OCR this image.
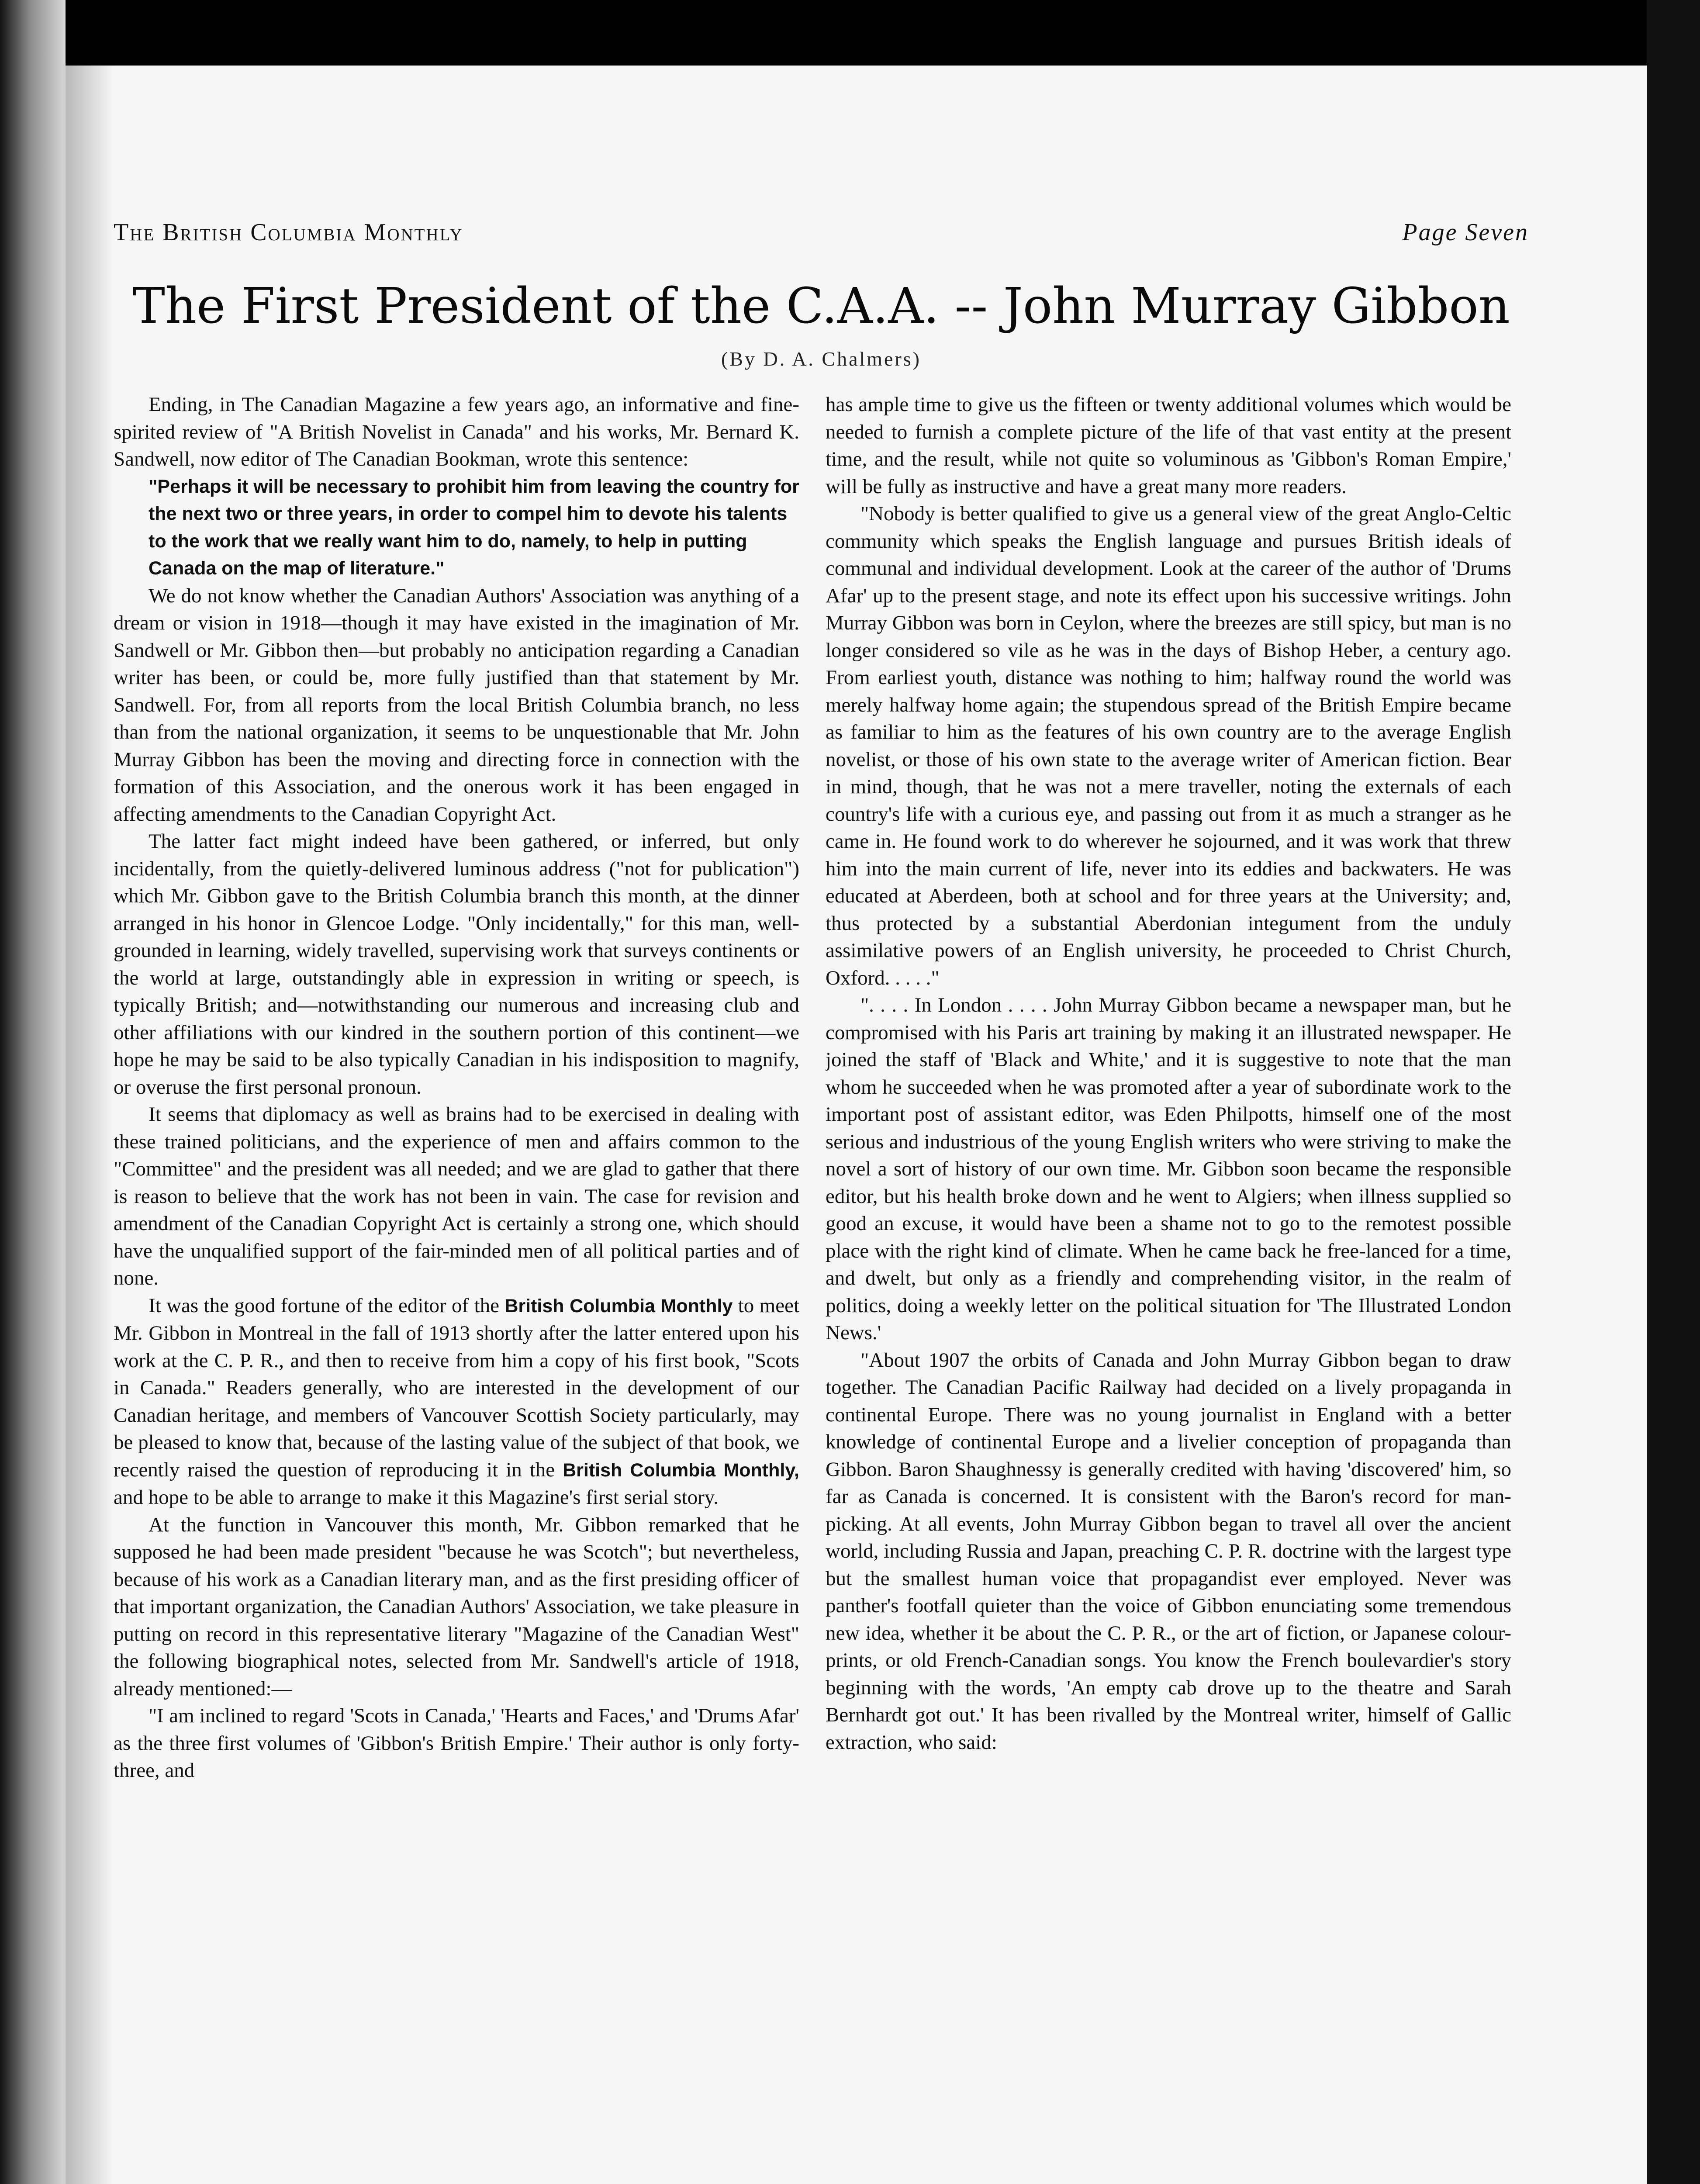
The British Columbia Monthly	Page Seven
The First President of the C.A.A. -- John Murray Gibbon
(By D. A. Chalmers)

Ending, in The Canadian Magazine a few years ago, an informative and fine-spirited review of "A British Novelist in Canada" and his works, Mr. Bernard K. Sandwell, now editor of The Canadian Bookman, wrote this sentence:

"Perhaps it will be necessary to prohibit him from leaving the country for the next two or three years, in order to compel him to devote his talents to the work that we really want him to do, namely, to help in putting Canada on the map of literature."

We do not know whether the Canadian Authors' Association was anything of a dream or vision in 1918—though it may have existed in the imagination of Mr. Sandwell or Mr. Gibbon then—but probably no anticipation regarding a Canadian writer has been, or could be, more fully justified than that statement by Mr. Sandwell. For, from all reports from the local British Columbia branch, no less than from the national organization, it seems to be unquestionable that Mr. John Murray Gibbon has been the moving and directing force in connection with the formation of this Association, and the onerous work it has been engaged in affecting amendments to the Canadian Copyright Act.

The latter fact might indeed have been gathered, or inferred, but only incidentally, from the quietly-delivered luminous address ("not for publication") which Mr. Gibbon gave to the British Columbia branch this month, at the dinner arranged in his honor in Glencoe Lodge. "Only incidentally," for this man, well-grounded in learning, widely travelled, supervising work that surveys continents or the world at large, outstandingly able in expression in writing or speech, is typically British; and—notwithstanding our numerous and increasing club and other affiliations with our kindred in the southern portion of this continent—we hope he may be said to be also typically Canadian in his indisposition to magnify, or overuse the first personal pronoun.

It seems that diplomacy as well as brains had to be exercised in dealing with these trained politicians, and the experience of men and affairs common to the "Committee" and the president was all needed; and we are glad to gather that there is reason to believe that the work has not been in vain. The case for revision and amendment of the Canadian Copyright Act is certainly a strong one, which should have the unqualified support of the fair-minded men of all political parties and of none.

It was the good fortune of the editor of the British Columbia Monthly to meet Mr. Gibbon in Montreal in the fall of 1913 shortly after the latter entered upon his work at the C. P. R., and then to receive from him a copy of his first book, "Scots in Canada." Readers generally, who are interested in the development of our Canadian heritage, and members of Vancouver Scottish Society particularly, may be pleased to know that, because of the lasting value of the subject of that book, we recently raised the question of reproducing it in the British Columbia Monthly, and hope to be able to arrange to make it this Magazine's first serial story.

At the function in Vancouver this month, Mr. Gibbon remarked that he supposed he had been made president "because he was Scotch"; but nevertheless, because of his work as a Canadian literary man, and as the first presiding officer of that important organization, the Canadian Authors' Association, we take pleasure in putting on record in this representative literary "Magazine of the Canadian West" the following biographical notes, selected from Mr. Sandwell's article of 1918, already mentioned:—

"I am inclined to regard 'Scots in Canada,' 'Hearts and Faces,' and 'Drums Afar' as the three first volumes of 'Gibbon's British Empire.' Their author is only forty-three, and

has ample time to give us the fifteen or twenty additional volumes which would be needed to furnish a complete picture of the life of that vast entity at the present time, and the result, while not quite so voluminous as 'Gibbon's Roman Empire,' will be fully as instructive and have a great many more readers.

"Nobody is better qualified to give us a general view of the great Anglo-Celtic community which speaks the English language and pursues British ideals of communal and individual development. Look at the career of the author of 'Drums Afar' up to the present stage, and note its effect upon his successive writings. John Murray Gibbon was born in Ceylon, where the breezes are still spicy, but man is no longer considered so vile as he was in the days of Bishop Heber, a century ago. From earliest youth, distance was nothing to him; halfway round the world was merely halfway home again; the stupendous spread of the British Empire became as familiar to him as the features of his own country are to the average English novelist, or those of his own state to the average writer of American fiction. Bear in mind, though, that he was not a mere traveller, noting the externals of each country's life with a curious eye, and passing out from it as much a stranger as he came in. He found work to do wherever he sojourned, and it was work that threw him into the main current of life, never into its eddies and backwaters. He was educated at Aberdeen, both at school and for three years at the University; and, thus protected by a substantial Aberdonian integument from the unduly assimilative powers of an English university, he proceeded to Christ Church, Oxford. . . . ."

". . . . In London . . . . John Murray Gibbon became a newspaper man, but he compromised with his Paris art training by making it an illustrated newspaper. He joined the staff of 'Black and White,' and it is suggestive to note that the man whom he succeeded when he was promoted after a year of subordinate work to the important post of assistant editor, was Eden Philpotts, himself one of the most serious and industrious of the young English writers who were striving to make the novel a sort of history of our own time. Mr. Gibbon soon became the responsible editor, but his health broke down and he went to Algiers; when illness supplied so good an excuse, it would have been a shame not to go to the remotest possible place with the right kind of climate. When he came back he free-lanced for a time, and dwelt, but only as a friendly and comprehending visitor, in the realm of politics, doing a weekly letter on the political situation for 'The Illustrated London News.'

"About 1907 the orbits of Canada and John Murray Gibbon began to draw together. The Canadian Pacific Railway had decided on a lively propaganda in continental Europe. There was no young journalist in England with a better knowledge of continental Europe and a livelier conception of propaganda than Gibbon. Baron Shaughnessy is generally credited with having 'discovered' him, so far as Canada is concerned. It is consistent with the Baron's record for man-picking. At all events, John Murray Gibbon began to travel all over the ancient world, including Russia and Japan, preaching C. P. R. doctrine with the largest type but the smallest human voice that propagandist ever employed. Never was panther's footfall quieter than the voice of Gibbon enunciating some tremendous new idea, whether it be about the C. P. R., or the art of fiction, or Japanese colour-prints, or old French-Canadian songs. You know the French boulevardier's story beginning with the words, 'An empty cab drove up to the theatre and Sarah Bernhardt got out.' It has been rivalled by the Montreal writer, himself of Gallic extraction, who said:
